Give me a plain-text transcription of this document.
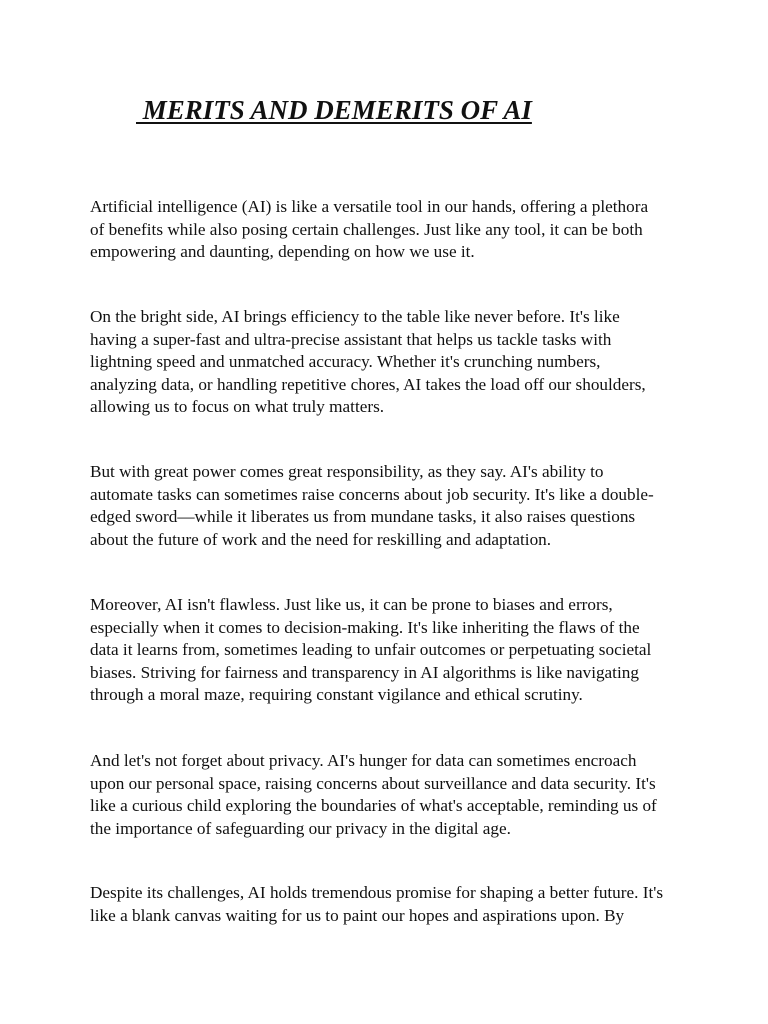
MERITS AND DEMERITS OF AI

Artificial intelligence (AI) is like a versatile tool in our hands, offering a plethora
of benefits while also posing certain challenges. Just like any tool, it can be both
empowering and daunting, depending on how we use it.

On the bright side, AI brings efficiency to the table like never before. It's like
having a super-fast and ultra-precise assistant that helps us tackle tasks with
lightning speed and unmatched accuracy. Whether it's crunching numbers,
analyzing data, or handling repetitive chores, AI takes the load off our shoulders,
allowing us to focus on what truly matters.

But with great power comes great responsibility, as they say. AI's ability to
automate tasks can sometimes raise concerns about job security. It's like a double-
edged sword—while it liberates us from mundane tasks, it also raises questions
about the future of work and the need for reskilling and adaptation.

Moreover, AI isn't flawless. Just like us, it can be prone to biases and errors,
especially when it comes to decision-making. It's like inheriting the flaws of the
data it learns from, sometimes leading to unfair outcomes or perpetuating societal
biases. Striving for fairness and transparency in AI algorithms is like navigating
through a moral maze, requiring constant vigilance and ethical scrutiny.

And let's not forget about privacy. AI's hunger for data can sometimes encroach
upon our personal space, raising concerns about surveillance and data security. It's
like a curious child exploring the boundaries of what's acceptable, reminding us of
the importance of safeguarding our privacy in the digital age.

Despite its challenges, AI holds tremendous promise for shaping a better future. It's
like a blank canvas waiting for us to paint our hopes and aspirations upon. By
